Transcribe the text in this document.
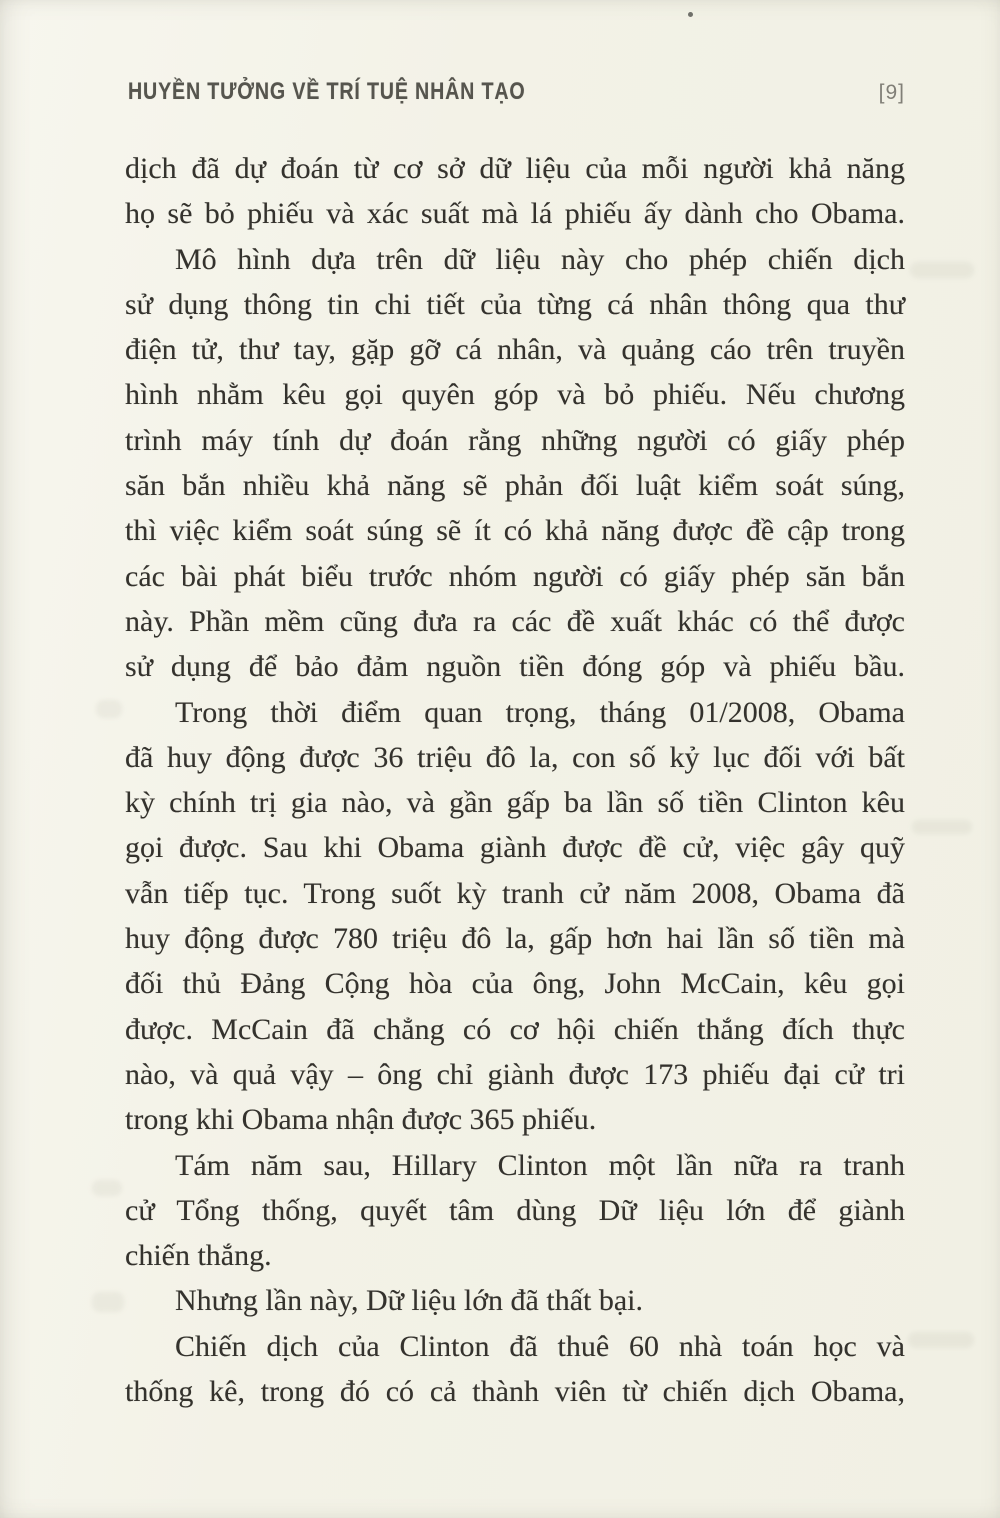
HUYỀN TƯỞNG VỀ TRÍ TUỆ NHÂN TẠO	[9]
dịch đã dự đoán từ cơ sở dữ liệu của mỗi người khả năng
họ sẽ bỏ phiếu và xác suất mà lá phiếu ấy dành cho Obama.
Mô hình dựa trên dữ liệu này cho phép chiến dịch
sử dụng thông tin chi tiết của từng cá nhân thông qua thư
điện tử, thư tay, gặp gỡ cá nhân, và quảng cáo trên truyền
hình nhằm kêu gọi quyên góp và bỏ phiếu. Nếu chương
trình máy tính dự đoán rằng những người có giấy phép
săn bắn nhiều khả năng sẽ phản đối luật kiểm soát súng,
thì việc kiểm soát súng sẽ ít có khả năng được đề cập trong
các bài phát biểu trước nhóm người có giấy phép săn bắn
này. Phần mềm cũng đưa ra các đề xuất khác có thể được
sử dụng để bảo đảm nguồn tiền đóng góp và phiếu bầu.
Trong thời điểm quan trọng, tháng 01/2008, Obama
đã huy động được 36 triệu đô la, con số kỷ lục đối với bất
kỳ chính trị gia nào, và gần gấp ba lần số tiền Clinton kêu
gọi được. Sau khi Obama giành được đề cử, việc gây quỹ
vẫn tiếp tục. Trong suốt kỳ tranh cử năm 2008, Obama đã
huy động được 780 triệu đô la, gấp hơn hai lần số tiền mà
đối thủ Đảng Cộng hòa của ông, John McCain, kêu gọi
được. McCain đã chẳng có cơ hội chiến thắng đích thực
nào, và quả vậy – ông chỉ giành được 173 phiếu đại cử tri
trong khi Obama nhận được 365 phiếu.
Tám năm sau, Hillary Clinton một lần nữa ra tranh
cử Tổng thống, quyết tâm dùng Dữ liệu lớn để giành
chiến thắng.
Nhưng lần này, Dữ liệu lớn đã thất bại.
Chiến dịch của Clinton đã thuê 60 nhà toán học và
thống kê, trong đó có cả thành viên từ chiến dịch Obama,
